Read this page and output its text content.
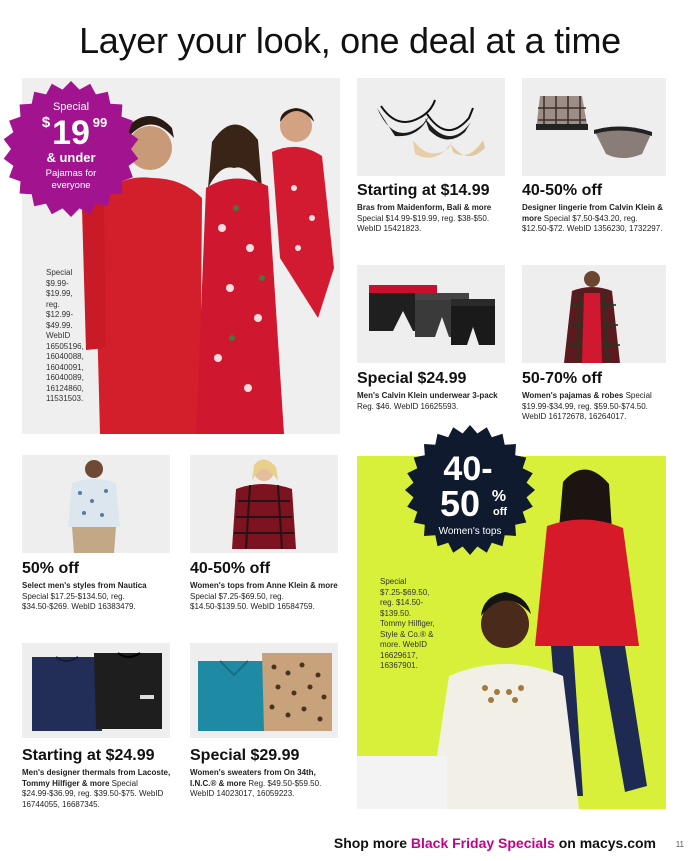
Layer your look, one deal at a time
Special
$ 19 99
& under
Pajamas for
everyone
Special
$9.99-
$19.99,
reg.
$12.99-
$49.99.
WebID
16505196,
16040088,
16040091,
16040089,
16124860,
11531503.
Starting at $14.99
Bras from Maidenform, Bali & more Special $14.99-$19.99, reg. $38-$50. WebID 15421823.
40-50% off
Designer lingerie from Calvin Klein & more Special $7.50-$43.20, reg. $12.50-$72. WebID 1356230, 1732297.
Special $24.99
Men's Calvin Klein underwear 3-pack Reg. $46. WebID 16625593.
50-70% off
Women's pajamas & robes Special $19.99-$34.99, reg. $59.50-$74.50. WebID 16172678, 16264017.
50% off
Select men's styles from Nautica Special $17.25-$134.50, reg. $34.50-$269. WebID 16383479.
40-50% off
Women's tops from Anne Klein & more Special $7.25-$69.50, reg. $14.50-$139.50. WebID 16584759.
Starting at $24.99
Men's designer thermals from Lacoste, Tommy Hilfiger & more Special $24.99-$36.99, reg. $39.50-$75. WebID 16744055, 16687345.
Special $29.99
Women's sweaters from On 34th, I.N.C.® & more Reg. $49.50-$59.50. WebID 14023017, 16059223.
40-
50 %
off
Women's tops
Special
$7.25-$69.50,
reg. $14.50-
$139.50.
Tommy Hilfiger,
Style & Co.® &
more. WebID
16629617,
16367901.
Shop more Black Friday Specials on macys.com 11
